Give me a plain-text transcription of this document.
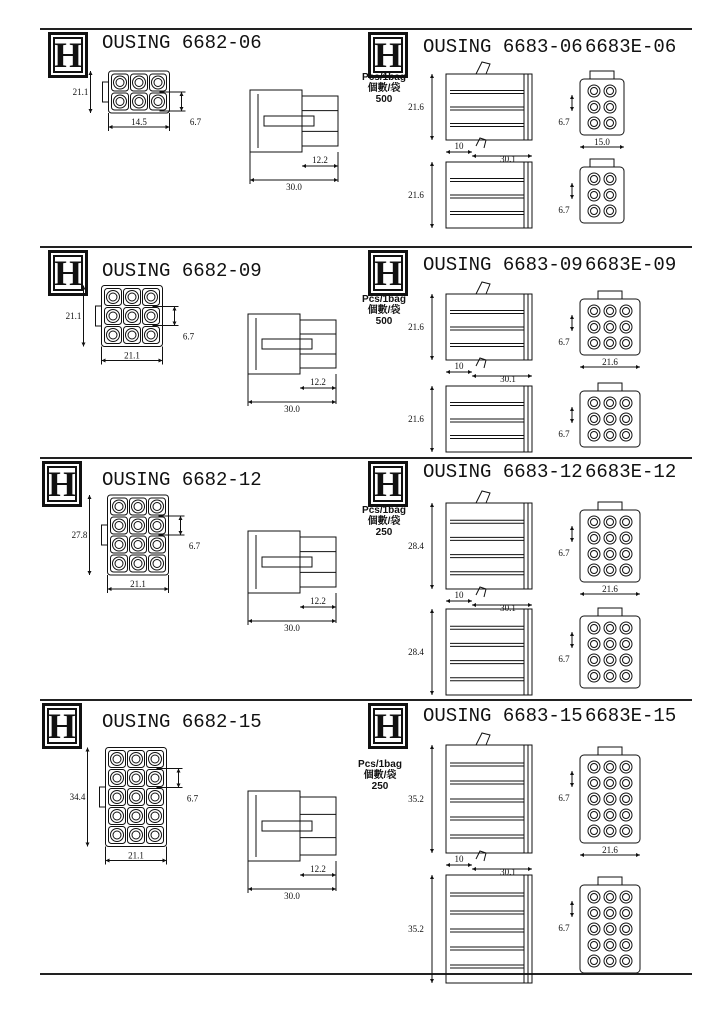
H OUSING 6682-06	H OUSING 6683-06 6683E-06
Pcs/1bag
個數/袋
500
21.1
14.5	6.7
12.2
30.0
21.6
10
30.1
6.7
15.0
21.6
6.7
H OUSING 6682-09	H OUSING 6683-09 6683E-09
Pcs/1bag
個數/袋
500
21.1
21.1
6.7
12.2
30.0
21.6
10
30.1
6.7
21.6
21.6
6.7
H OUSING 6682-12	H OUSING 6683-12 6683E-12
Pcs/1bag
個數/袋
250
27.8
21.1
6.7
12.2
30.0
28.4
10
30.1
6.7
21.6
28.4
6.7
H OUSING 6682-15	H OUSING 6683-15 6683E-15
Pcs/1bag
個數/袋
250
34.4
21.1
6.7
12.2
30.0
35.2
10
30.1
6.7
21.6
35.2	6.7
